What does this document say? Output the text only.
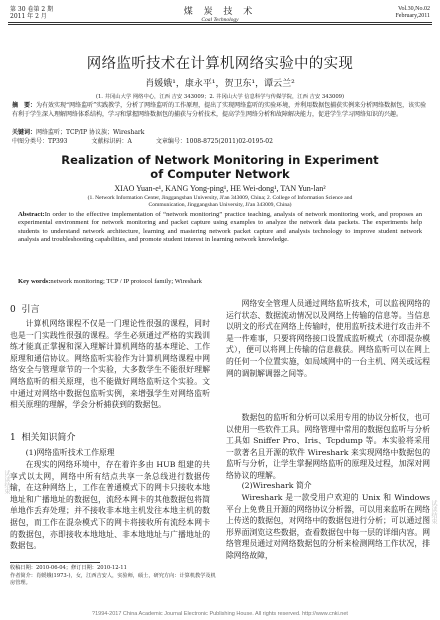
第 30 卷第 2 期
2011 年 2 月	煤 炭 技 术
Coal Technology
Vol.30,No.02
February,2011
网络监听技术在计算机网络实验中的实现
肖媛娥¹，康永平¹，贺卫东¹，谭云兰²
(1. 井冈山大学 网络中心，江西 吉安 343009；2. 井冈山大学 信息科学与传媒学院，江西 吉安 343009)
摘　要：为有效实现“网络监听”实践教学，分析了网络监听的工作原理，提出了实现网络监听的实验环境，并利用数据包捕获实例来分析网络数据包，该实验有利于学生深入理解网络体系结构，学习和掌握网络数据包的捕获与分析技术，提高学生网络分析和故障解决能力，促进学生学习网络知识的兴趣。
关键词：网络监听；TCP/IP 协议族；Wireshark
中图分类号：TP393　　　　文献标识码：A　　　　文章编号：1008-8725(2011)02-0195-02
Realization of Network Monitoring in Experiment
of Computer Network
XIAO Yuan-e¹, KANG Yong-ping¹, HE Wei-dong¹, TAN Yun-lan²
(1. Network Information Center, Jinggangshan University, Ji'an 343009, China; 2. College of Information Science and
Communication, Jinggangshan University, Ji'an 343009, China)
Abstract:In order to the effective implementation of “network monitoring” practice teaching, analysis of network monitoring work, and proposes an experimental environment for network monitoring and packet capture using examples to analyze the network data packets. The experiments help students to understand network architecture, learning and mastering network packet capture and analysis technology to improve student network analysis and troubleshooting capabilities, and promote student interest in learning network knowledge.
Key words:network monitoring; TCP / IP protocol family; Wireshark
0 引言
计算机网络课程不仅是一门理论性很强的课程，同时也是一门实践性很强的课程。学生必须通过严格的实践训练才能真正掌握和深入理解计算机网络的基本理论、工作原理和通信协议。网络监听实验作为计算机网络课程中网络安全与管理章节的一个实验，大多数学生不能很好理解网络监听的相关原理，也不能做好网络监听这个实验。文中通过对网络中数据包监听实例，来增强学生对网络监听相关原理的理解，学会分析捕获到的数据包。
1 相关知识简介
(1)网络监听技术工作原理
在现实的网络环境中，存在着许多由 HUB 组建的共享式以太网，网络中所有结点共享一条总线进行数据传输，在这种网络上，工作在普通模式下的网卡只接收本地地址和广播地址的数据包，流经本网卡的其他数据包将简单地作丢弃处理；并不接收非本地主机发往本地主机的数据包，而工作在混杂模式下的网卡将接收所有流经本网卡的数据包，亦即接收本地地址、非本地地址与广播地址的数据包。
收稿日期：2010-06-04；修订日期：2010-12-11
作者简介：肖媛娥(1973-)，女，江西吉安人，实验师，硕士，研究方向：计算机教学及机房管理。
网络安全管理人员通过网络监听技术，可以监视网络的运行状态、数据流动情况以及网络上传输的信息等。当信息以明文的形式在网络上传输时，使用监听技术进行攻击并不是一件难事，只要将网络接口设置成监听模式（亦即混杂模式），便可以将网上传输的信息截获。网络监听可以在网上的任何一个位置实施，如局域网中的一台主机、网关或远程网的调制解调器之间等。
数据包的监听和分析可以采用专用的协议分析仪，也可以使用一些软件工具。网络管理中常用的数据包监听与分析工具如 Sniffer Pro、Iris、Tcpdump 等。本实验将采用一款著名且开源的软件 Wireshark 来实现网络中数据包的监听与分析，让学生掌握网络监听的原理及过程，加深对网络协议的理解。
(2)Wireshark 简介
Wireshark 是一款受用户欢迎的 Unix 和 Windows 平台上免费且开源的网络协议分析器，可以用来监听在网络上传送的数据包，对网络中的数据包进行分析；可以通过图形界面浏览这些数据，查看数据包中每一层的详细内容。网络管理员通过对网络数据包的分析来检测网络工作状况，排除网络故障，
试读结束
试读结束
?1994-2017 China Academic Journal Electronic Publishing House. All rights reserved. http://www.cnki.net
